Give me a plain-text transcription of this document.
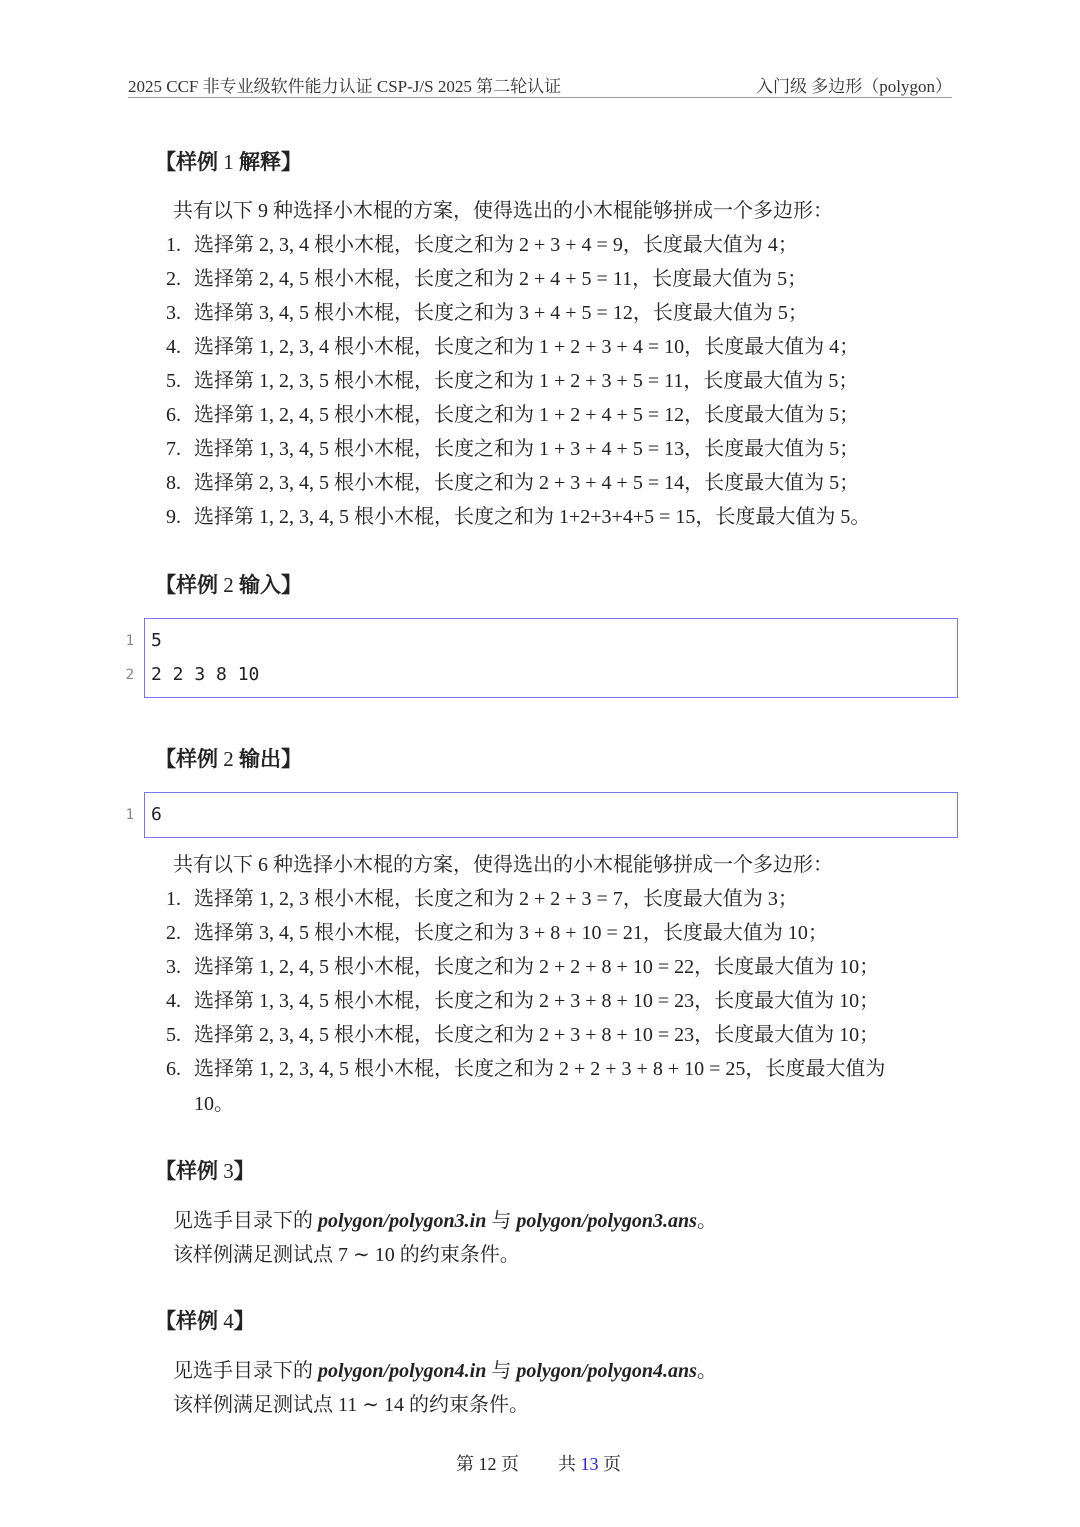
2025 CCF 非专业级软件能力认证 CSP-J/S 2025 第二轮认证	入门级 多边形（polygon）
【样例 1 解释】
共有以下 9 种选择小木棍的方案，使得选出的小木棍能够拼成一个多边形：
1. 选择第 2, 3, 4 根小木棍，长度之和为 2 + 3 + 4 = 9，长度最大值为 4；
2. 选择第 2, 4, 5 根小木棍，长度之和为 2 + 4 + 5 = 11，长度最大值为 5；
3. 选择第 3, 4, 5 根小木棍，长度之和为 3 + 4 + 5 = 12，长度最大值为 5；
4. 选择第 1, 2, 3, 4 根小木棍，长度之和为 1 + 2 + 3 + 4 = 10，长度最大值为 4；
5. 选择第 1, 2, 3, 5 根小木棍，长度之和为 1 + 2 + 3 + 5 = 11，长度最大值为 5；
6. 选择第 1, 2, 4, 5 根小木棍，长度之和为 1 + 2 + 4 + 5 = 12，长度最大值为 5；
7. 选择第 1, 3, 4, 5 根小木棍，长度之和为 1 + 3 + 4 + 5 = 13，长度最大值为 5；
8. 选择第 2, 3, 4, 5 根小木棍，长度之和为 2 + 3 + 4 + 5 = 14，长度最大值为 5；
9. 选择第 1, 2, 3, 4, 5 根小木棍，长度之和为 1+2+3+4+5 = 15，长度最大值为 5。
【样例 2 输入】
1
2
5
2 2 3 8 10
【样例 2 输出】
1 6
共有以下 6 种选择小木棍的方案，使得选出的小木棍能够拼成一个多边形：
1. 选择第 1, 2, 3 根小木棍，长度之和为 2 + 2 + 3 = 7，长度最大值为 3；
2. 选择第 3, 4, 5 根小木棍，长度之和为 3 + 8 + 10 = 21，长度最大值为 10；
3. 选择第 1, 2, 4, 5 根小木棍，长度之和为 2 + 2 + 8 + 10 = 22，长度最大值为 10；
4. 选择第 1, 3, 4, 5 根小木棍，长度之和为 2 + 3 + 8 + 10 = 23，长度最大值为 10；
5. 选择第 2, 3, 4, 5 根小木棍，长度之和为 2 + 3 + 8 + 10 = 23，长度最大值为 10；
6. 选择第 1, 2, 3, 4, 5 根小木棍，长度之和为 2 + 2 + 3 + 8 + 10 = 25，长度最大值为
10。
【样例 3】
见选手目录下的 polygon/polygon3.in 与 polygon/polygon3.ans。
该样例满足测试点 7 ∼ 10 的约束条件。
【样例 4】
见选手目录下的 polygon/polygon4.in 与 polygon/polygon4.ans。
该样例满足测试点 11 ∼ 14 的约束条件。
第 12 页 共 13 页
